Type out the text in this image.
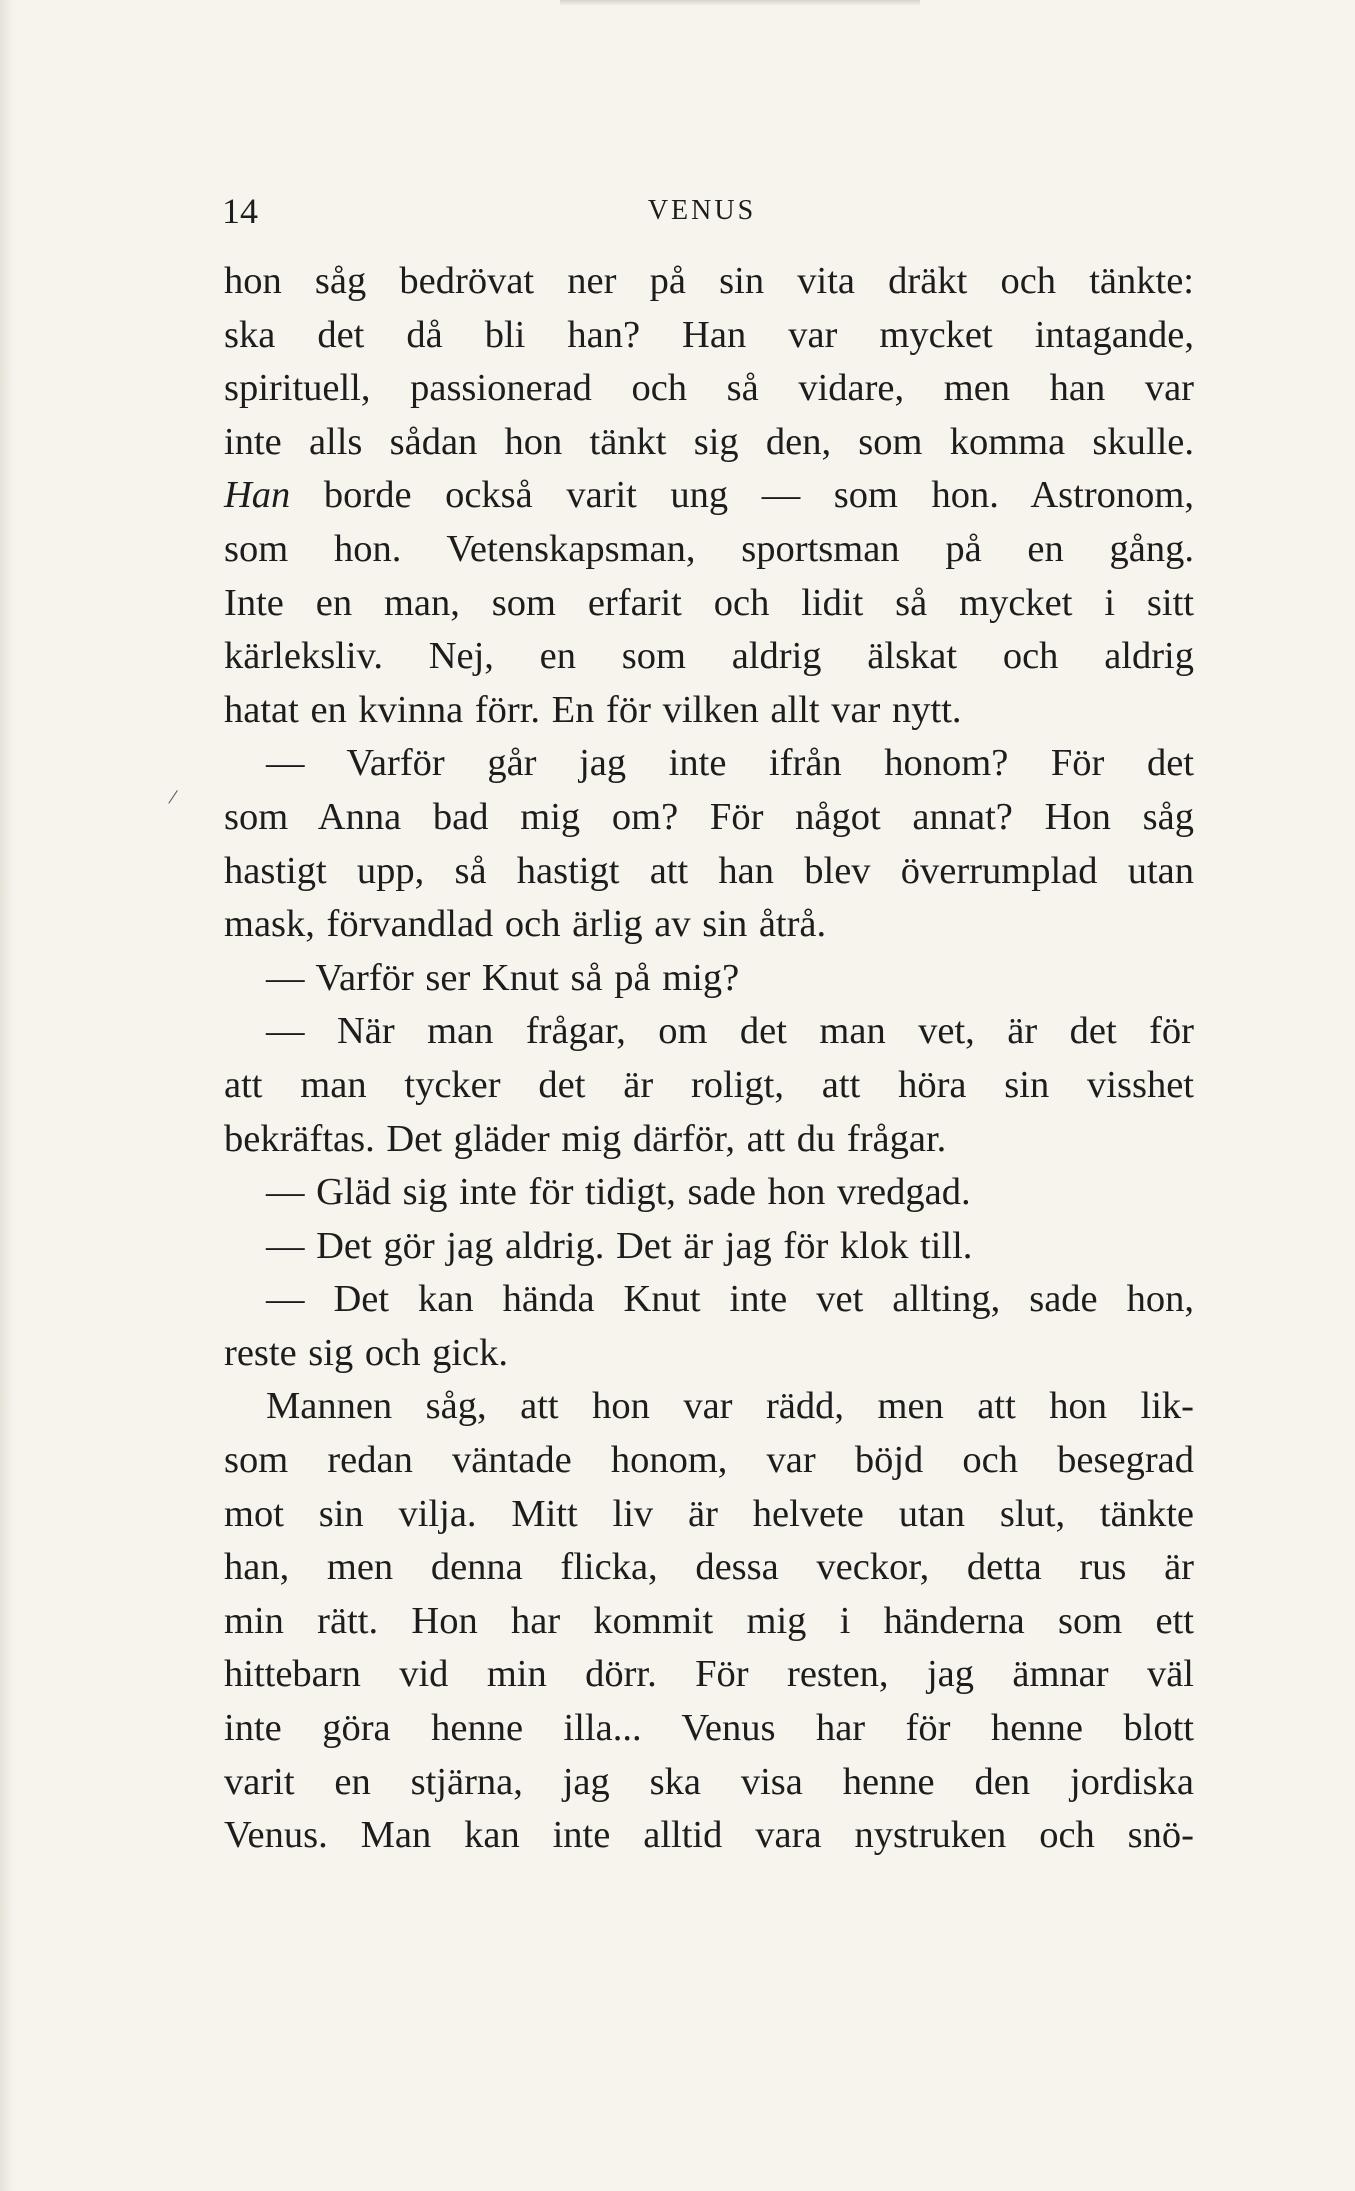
14	VENUS
/
hon såg bedrövat ner på sin vita dräkt och tänkte:
ska det då bli han? Han var mycket intagande,
spirituell, passionerad och så vidare, men han var
inte alls sådan hon tänkt sig den, som komma skulle.
Han borde också varit ung — som hon. Astronom,
som hon. Vetenskapsman, sportsman på en gång.
Inte en man, som erfarit och lidit så mycket i sitt
kärleksliv. Nej, en som aldrig älskat och aldrig
hatat en kvinna förr. En för vilken allt var nytt.
— Varför går jag inte ifrån honom? För det
som Anna bad mig om? För något annat? Hon såg
hastigt upp, så hastigt att han blev överrumplad utan
mask, förvandlad och ärlig av sin åtrå.
— Varför ser Knut så på mig?
— När man frågar, om det man vet, är det för
att man tycker det är roligt, att höra sin visshet
bekräftas. Det gläder mig därför, att du frågar.
— Gläd sig inte för tidigt, sade hon vredgad.
— Det gör jag aldrig. Det är jag för klok till.
— Det kan hända Knut inte vet allting, sade hon,
reste sig och gick.
Mannen såg, att hon var rädd, men att hon lik-
som redan väntade honom, var böjd och besegrad
mot sin vilja. Mitt liv är helvete utan slut, tänkte
han, men denna flicka, dessa veckor, detta rus är
min rätt. Hon har kommit mig i händerna som ett
hittebarn vid min dörr. För resten, jag ämnar väl
inte göra henne illa... Venus har för henne blott
varit en stjärna, jag ska visa henne den jordiska
Venus. Man kan inte alltid vara nystruken och snö-
